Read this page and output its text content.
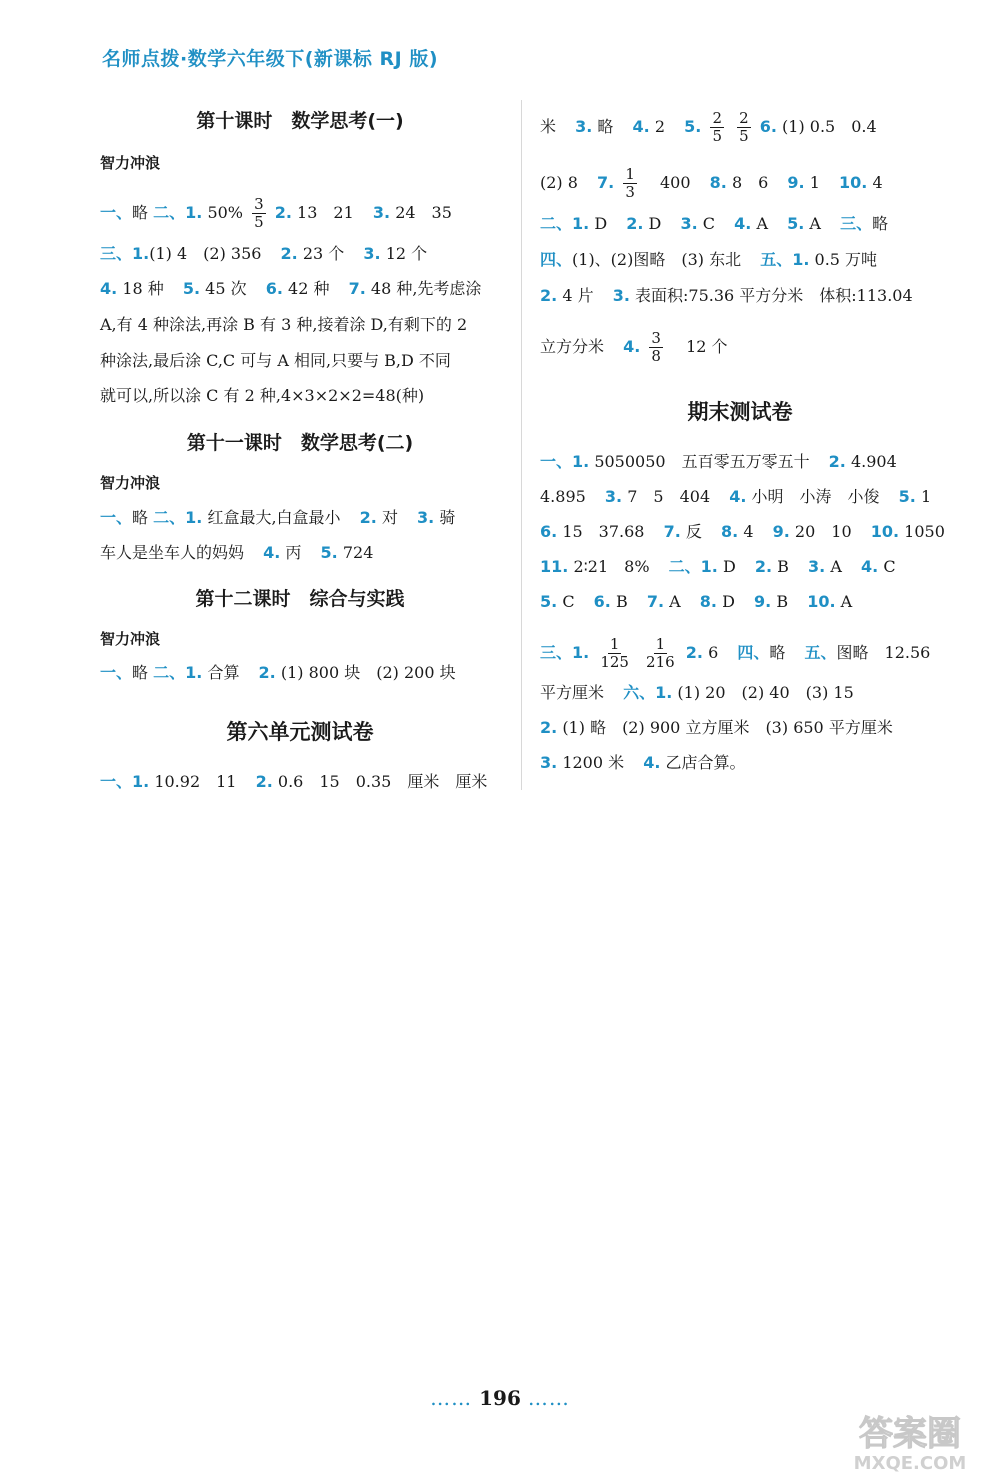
名师点拨·数学六年级下(新课标 RJ 版)
第十课时　数学思考(一)
智力冲浪
一、略 二、1. $50\% \frac{3}{5} 2$. 13　21 3. 24　35
三、1.(1) 4　(2) 356 2. 23 个 3. 12 个
4. 18 种 5. 45 次 6. 42 种 7. 48 种,先考虑涂
A,有 4 种涂法,再涂 B 有 3 种,接着涂 D,有剩下的 2
种涂法,最后涂 C,C 可与 A 相同,只要与 B,D 不同
就可以,所以涂 C 有 2 种,4×3×2×2=48(种)
第十一课时　数学思考(二)
智力冲浪
一、略 二、1. 红盒最大,白盒最小 2. 对 3. 骑
车人是坐车人的妈妈 4. 丙 5. 724
第十二课时　综合与实践
智力冲浪
一、略 二、1. 合算 2. (1) 800 块　(2) 200 块
第六单元测试卷
一、1. 10.92　11 2. 0.6　15　0.35　厘米　厘米
米 3. 略 4. 2 5. $\frac{2}{5}$
$\frac{2}{5} 6$. (1) 0.5　0.4
(2) 8 7. $\frac{1}{3} 400$ 8. 8　6 9. 1 10. 4
二、1. D 2. D 3. C 4. A 5. A 三、略
四、(1)、(2)图略　(3) 东北 五、1. 0.5 万吨
2. 4 片 3. 表面积:75.36 平方分米　体积:113.04
立方分米 4. $\frac{3}{8} 12$ 个
期末测试卷
一、1. 5050050　五百零五万零五十 2. 4.904
4.895 3. 7　5　404 4. 小明　小涛　小俊 5. 1
6. 15　37.68 7. 反 8. 4 9. 20　10 10. 1050
11. 2∶21　8% 二、1. D 2. B 3. A 4. C
5. C 6. B 7. A 8. D 9. B 10. A
三、1. $\frac{1}{125}$
$\frac{1}{216} 2$. 6 四、略 五、图略　12.56
平方厘米 六、1. (1) 20　(2) 40　(3) 15
2. (1) 略　(2) 900 立方厘米　(3) 650 平方厘米
3. 1200 米 4. 乙店合算。
…… 196 ……
答案圈
MXQE.COM
